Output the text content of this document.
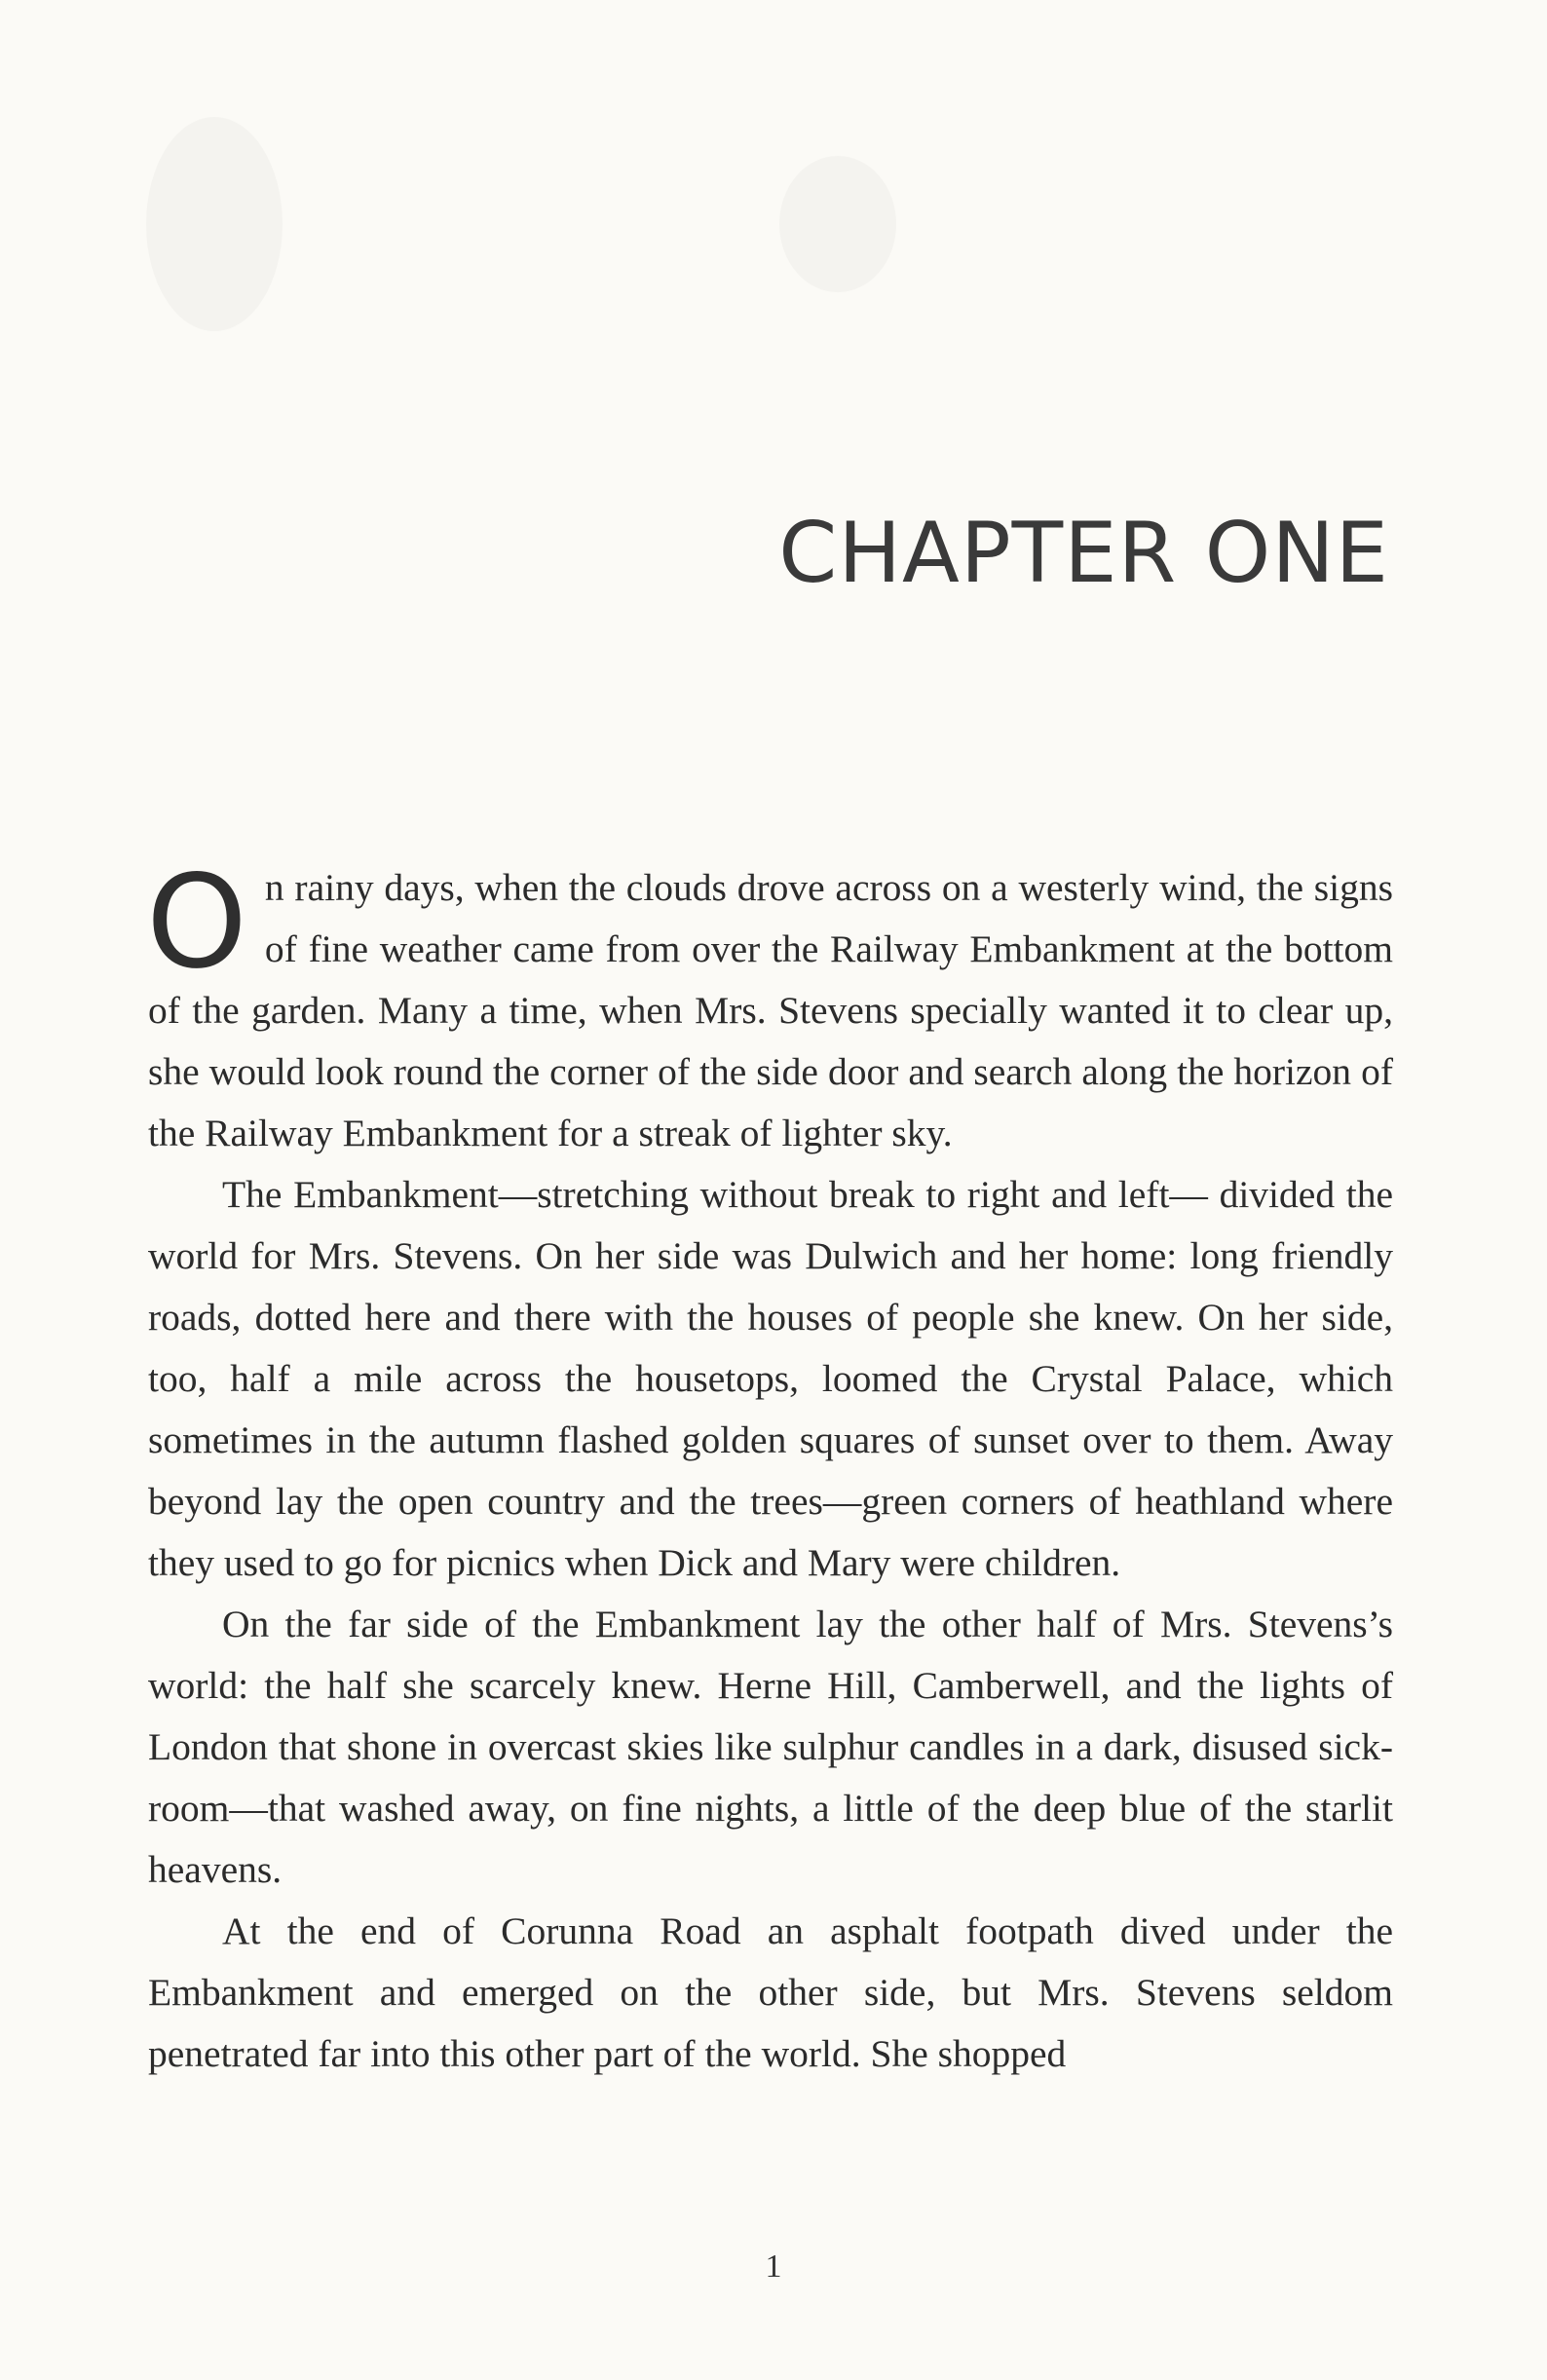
CHAPTER ONE

On rainy days, when the clouds drove across on a westerly wind, the signs of fine weather came from over the Railway Embankment at the bottom of the garden. Many a time, when Mrs. Stevens specially wanted it to clear up, she would look round the corner of the side door and search along the horizon of the Railway Embankment for a streak of lighter sky.

The Embankment—stretching without break to right and left— divided the world for Mrs. Stevens. On her side was Dulwich and her home: long friendly roads, dotted here and there with the houses of people she knew. On her side, too, half a mile across the housetops, loomed the Crystal Palace, which sometimes in the autumn flashed golden squares of sunset over to them. Away beyond lay the open country and the trees—green corners of heathland where they used to go for picnics when Dick and Mary were children.

On the far side of the Embankment lay the other half of Mrs. Stevens’s world: the half she scarcely knew. Herne Hill, Camberwell, and the lights of London that shone in overcast skies like sulphur candles in a dark, disused sick-room—that washed away, on fine nights, a little of the deep blue of the starlit heavens.

At the end of Corunna Road an asphalt footpath dived under the Embankment and emerged on the other side, but Mrs. Stevens seldom penetrated far into this other part of the world. She shopped

1
